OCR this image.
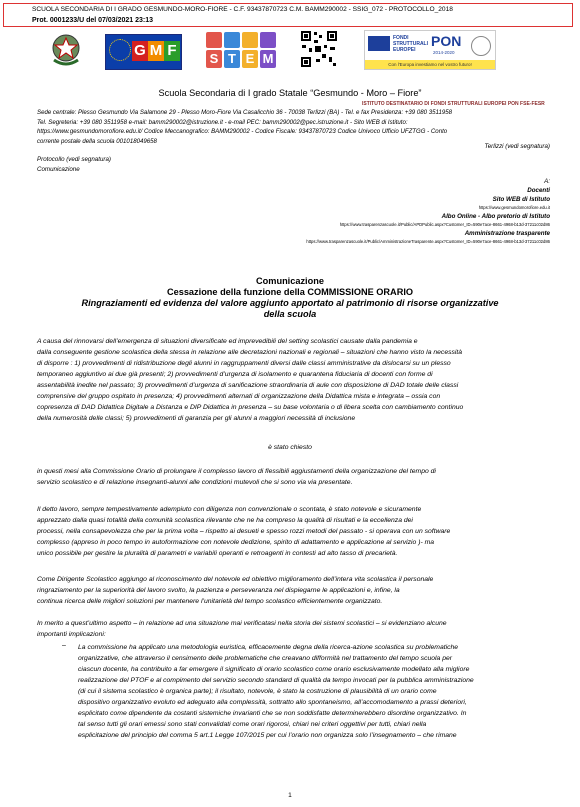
SCUOLA SECONDARIA DI I GRADO GESMUNDO-MORO-FIORE - C.F. 93437870723 C.M. BAMM290002 - SSIG_072 - PROTOCOLLO_2018
Prot. 0001233/U del 07/03/2021 23:13
G M F	S T E M
FONDI STRUTTURALI EUROPEI
PON
2014-2020
Con l'Europa investiamo nel vostro futuro!
ISTITUTO DESTINATARIO DI FONDI STRUTTURALI EUROPEI PON FSE-FESR
Scuola Secondaria di I grado Statale “Gesmundo - Moro – Fiore”
Sede centrale: Plesso Gesmundo Via Salamone 29 - Plesso Moro-Fiore Via Casalicchio 36 - 70038 Terlizzi (BA) - Tel. e fax Presidenza: +39 080 3511958
Tel. Segreteria: +39 080 3511958 e-mail: bamm290002@istruzione.it - e-mail PEC: bamm290002@pec.istruzione.it - Sito WEB di Istituto:
https://www.gesmundomorofiore.edu.it/ Codice Meccanografico: BAMM290002 - Codice Fiscale: 93437870723 Codice Univoco Ufficio UFZTGG - Conto
corrente postale della scuola 001018049658
Terlizzi (vedi segnatura)
Protocollo (vedi segnatura)
Comunicazione
A:
Docenti
Sito WEB di Istituto
https://www.gesmundomorofiore.edu.it
Albo Online - Albo pretorio di Istituto
https://www.trasparenzascuole.it/Public/APDPublic.aspx?Customer_ID=590e7ace-8661-4968-b13d-37211c02d86
Amministrazione trasparente
https://www.trasparenzascuole.it/Public/AmministrazioneTrasparente.aspx?Customer_ID=590e7ace-8661-4968-b13d-37211c02d86
Comunicazione
Cessazione della funzione della COMMISSIONE ORARIO
Ringraziamenti ed evidenza del valore aggiunto apportato al patrimonio di risorse organizzative
della scuola
A causa del rinnovarsi dell’emergenza di situazioni diversificate ed imprevedibili del setting scolastici causate dalla pandemia e
dalla conseguente gestione scolastica della stessa in relazione alle decretazioni nazionali e regionali – situazioni che hanno visto la necessità
di disporre : 1) provvedimenti di ridistribuzione degli alunni in raggruppamenti diversi dalle classi amministrative da dislocarsi su un plesso
temporaneo aggiuntivo ai due già presenti; 2) provvedimenti d’urgenza di isolamento e quarantena fiduciaria di docenti con forme di
assentabilità inedite nel passato; 3) provvedimenti d’urgenza di sanificazione straordinaria di aule con disposizione di DAD totale delle classi
comprensive del gruppo ospitato in presenza; 4) provvedimenti alternati di organizzazione della Didattica mista e integrata – ossia con
copresenza di DAD Didattica Digitale a Distanza e DIP Didattica in presenza – su base volontaria o di libera scelta con cambiamento continuo
della numerosità delle classi; 5) provvedimenti di garanzia per gli alunni a maggiori necessità di inclusione
è stato chiesto
in questi mesi alla Commissione Orario di prolungare il complesso lavoro di flessibili aggiustamenti della organizzazione del tempo di
servizio scolastico e di relazione insegnanti-alunni alle condizioni mutevoli che si sono via via presentate.
Il detto lavoro, sempre tempestivamente adempiuto con diligenza non convenzionale o scontata, è stato notevole e sicuramente
apprezzato dalla quasi totalità della comunità scolastica rilevante che ne ha compreso la qualità di risultati e la eccellenza dei
processi, nella consapevolezza che per la prima volta – rispetto ai desueti e spesso rozzi metodi del passato - si operava con un software
complesso (appreso in poco tempo in autoformazione con notevole dedizione, spirito di adattamento e applicazione al servizio )- ma
unico possibile per gestire la pluralità di parametri e variabili operanti e retroagenti in contesti ad alto tasso di precarietà.
Come Dirigente Scolastico aggiungo al riconoscimento del notevole ed obiettivo miglioramento dell’intera vita scolastica il personale
ringraziamento per la superiorità del lavoro svolto, la pazienza e perseveranza nel dispiegarne le applicazioni e, infine, la
continua ricerca delle migliori soluzioni per mantenere l’unitarietà del tempo scolastico efficientemente organizzato.
In merito a quest’ultimo aspetto – in relazione ad una situazione mai verificatasi nella storia dei sistemi scolastici – si evidenziano alcune
importanti implicazioni:
– La commissione ha applicato una metodologia euristica, efficacemente degna della ricerca-azione scolastica su problematiche
organizzative, che attraverso il censimento delle problematiche che creavano difformità nel trattamento del tempo scuola per
ciascun docente, ha contribuito a far emergere il significato di orario scolastico come orario esclusivamente modellato alla migliore
realizzazione del PTOF e al compimento del servizio secondo standard di qualità da tempo invocati per la pubblica amministrazione
(di cui il sistema scolastico è organica parte); il risultato, notevole, è stato la costruzione di plausibilità di un orario come
dispositivo organizzativo evoluto ed adeguato alla complessità, sottratto allo spontaneismo, all’accomodamento a prassi deteriori,
esplicitato come dipendente da costanti sistemiche invarianti che se non soddisfatte determinerebbero disordine organizzativo. In
tal senso tutti gli orari emessi sono stati convalidati come orari rigorosi, chiari nei criteri oggettivi per tutti, chiari nella
esplicitazione del principio del comma 5 art.1 Legge 107/2015 per cui l’orario non organizza solo l’insegnamento – che rimane
1
